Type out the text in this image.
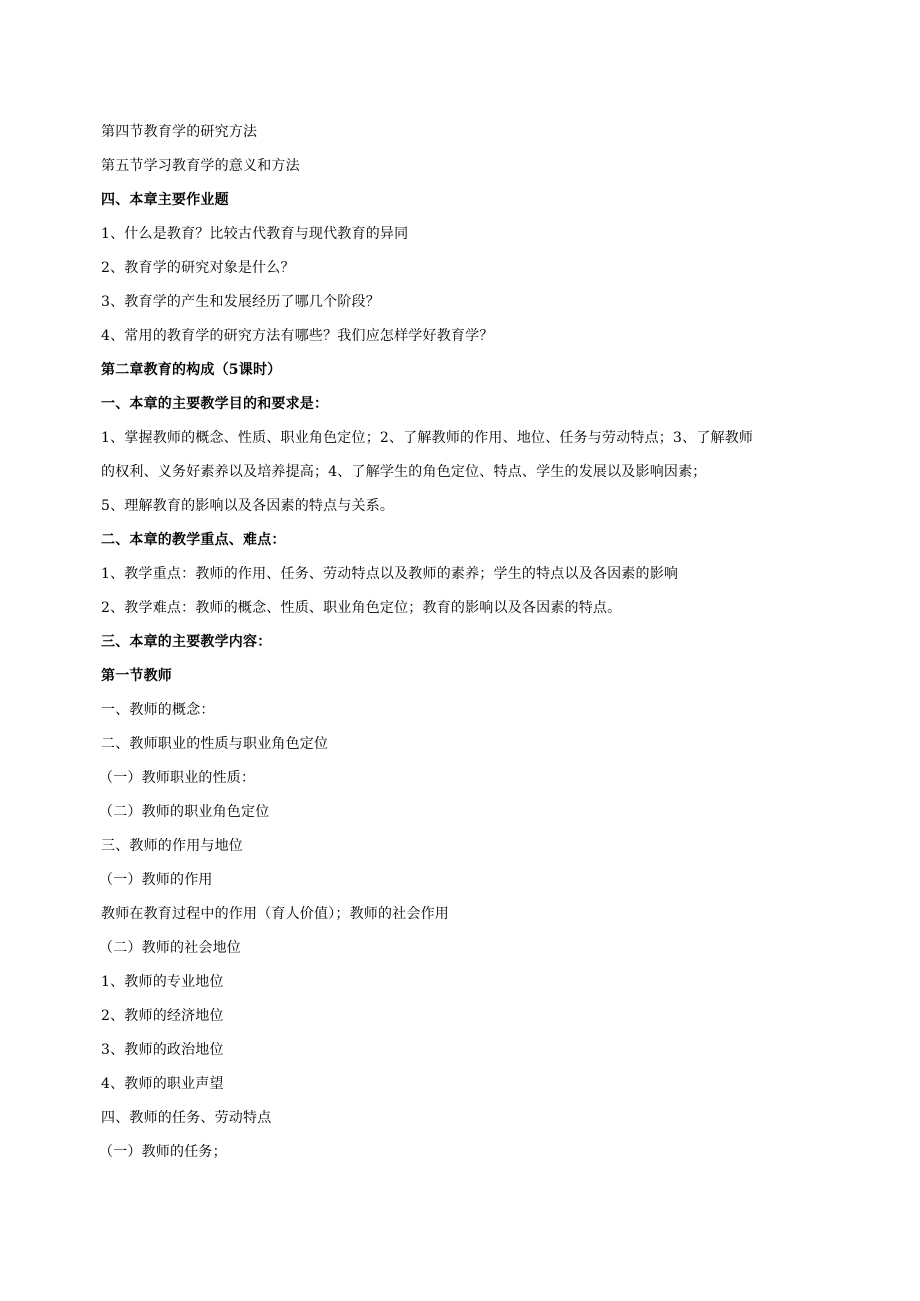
第四节教育学的研究方法
第五节学习教育学的意义和方法
四、本章主要作业题
1、什么是教育？比较古代教育与现代教育的异同
2、教育学的研究对象是什么？
3、教育学的产生和发展经历了哪几个阶段？
4、常用的教育学的研究方法有哪些？我们应怎样学好教育学？
第二章教育的构成（5课时）
一、本章的主要教学目的和要求是：
1、掌握教师的概念、性质、职业角色定位；2、了解教师的作用、地位、任务与劳动特点；3、了解教师
的权利、义务好素养以及培养提高；4、了解学生的角色定位、特点、学生的发展以及影响因素；
5、理解教育的影响以及各因素的特点与关系。
二、本章的教学重点、难点：
1、教学重点：教师的作用、任务、劳动特点以及教师的素养；学生的特点以及各因素的影响
2、教学难点：教师的概念、性质、职业角色定位；教育的影响以及各因素的特点。
三、本章的主要教学内容：
第一节教师
一、教师的概念：
二、教师职业的性质与职业角色定位
（一）教师职业的性质：
（二）教师的职业角色定位
三、教师的作用与地位
（一）教师的作用
教师在教育过程中的作用（育人价值）；教师的社会作用
（二）教师的社会地位
1、教师的专业地位
2、教师的经济地位
3、教师的政治地位
4、教师的职业声望
四、教师的任务、劳动特点
（一）教师的任务；
